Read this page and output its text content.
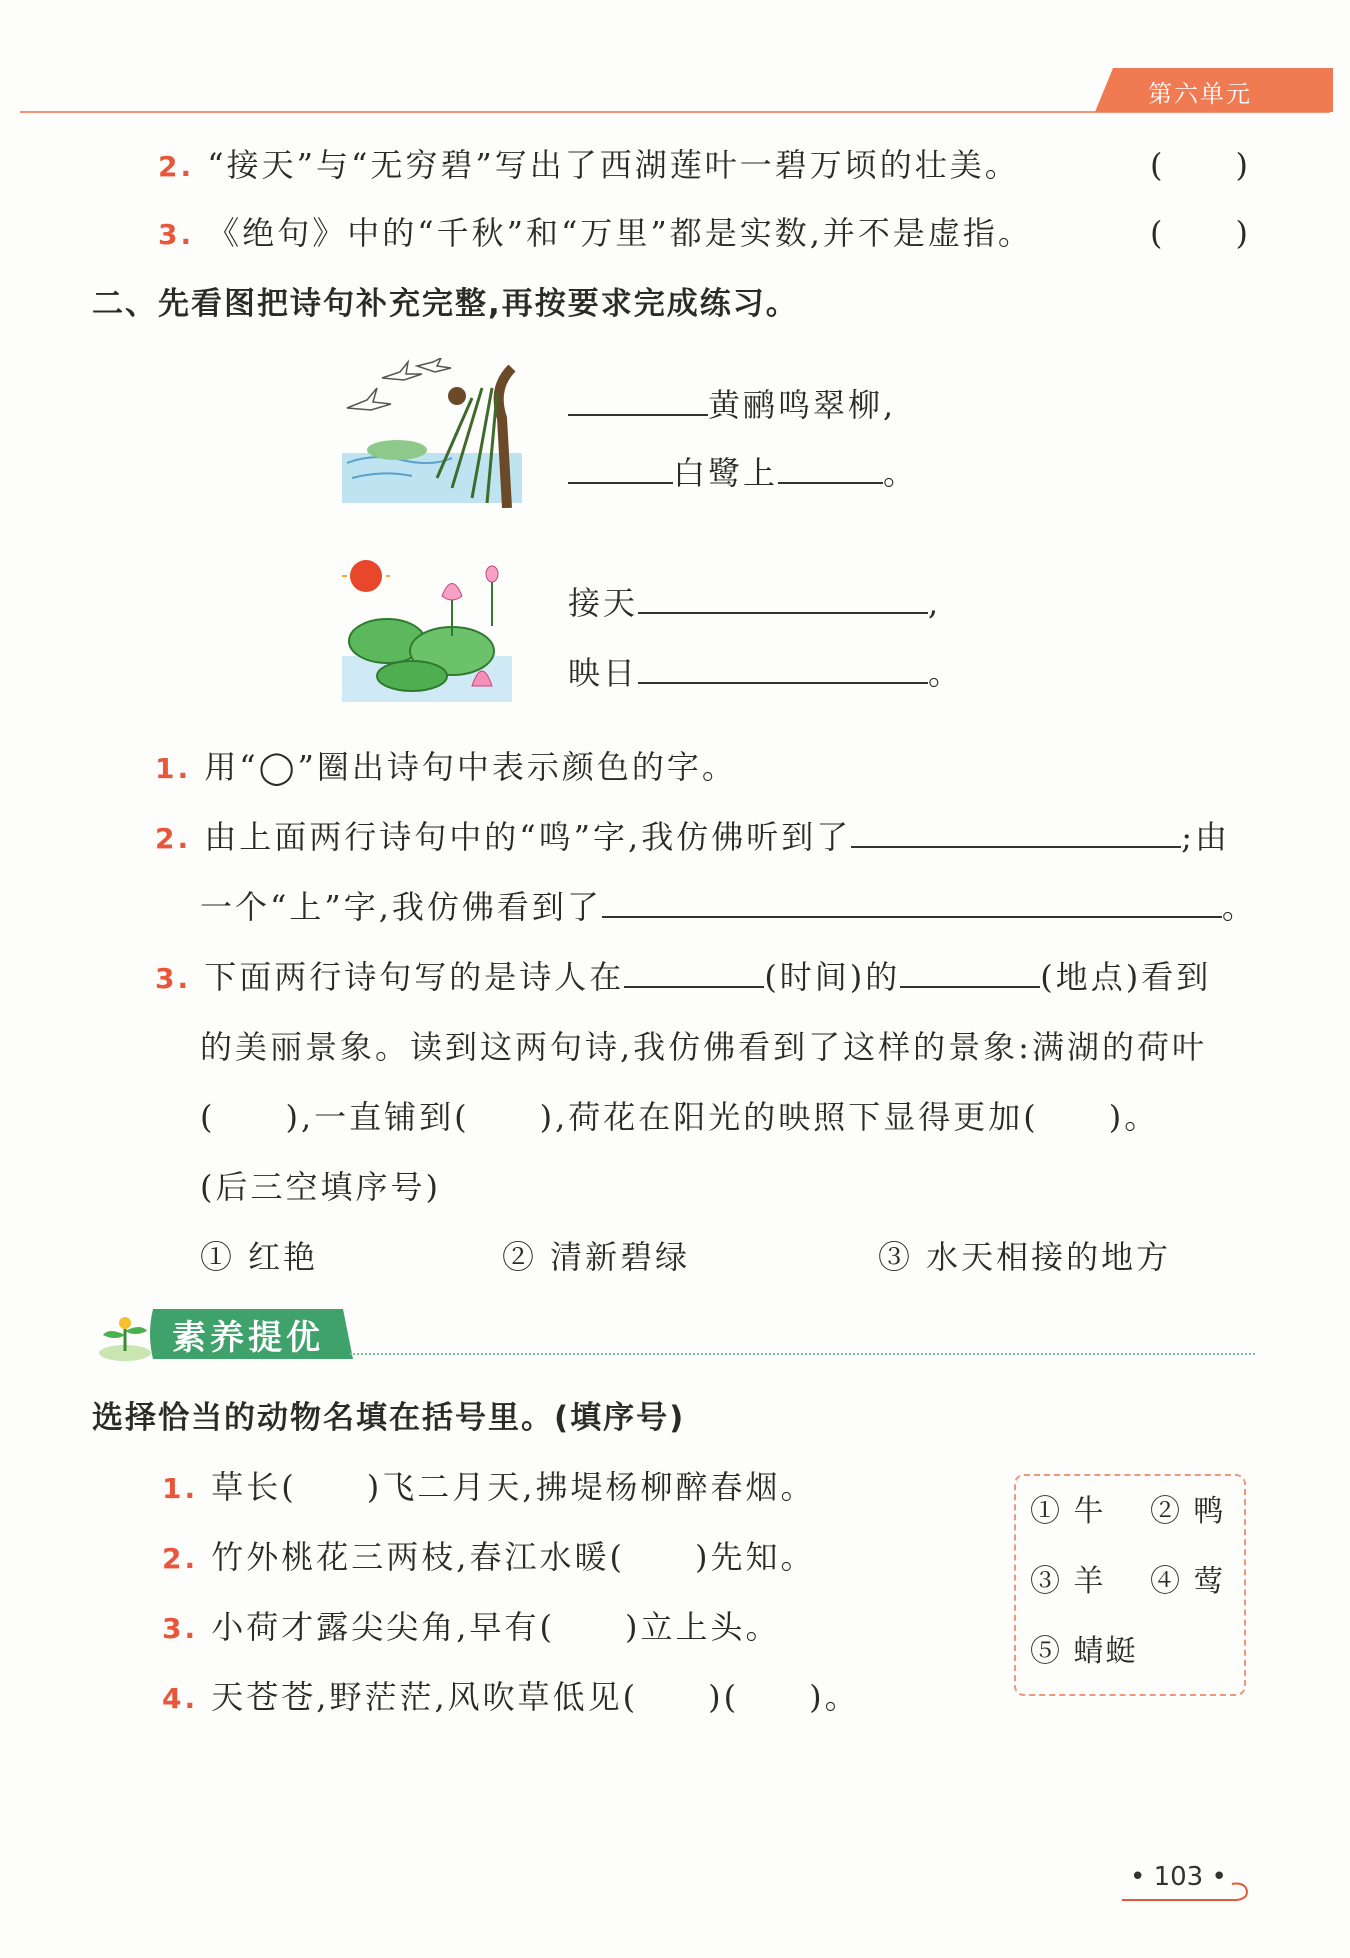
第六单元
2. “接天”与“无穷碧”写出了西湖莲叶一碧万顷的壮美。	(　　)
3. 《绝句》中的“千秋”和“万里”都是实数,并不是虚指。	(　　)
二、先看图把诗句补充完整,再按要求完成练习。
黄鹂鸣翠柳,
白鹭上	。
接天	,
映日	。
1. 用“◯”圈出诗句中表示颜色的字。
2. 由上面两行诗句中的“鸣”字,我仿佛听到了	;由
一个“上”字,我仿佛看到了	。
3. 下面两行诗句写的是诗人在	(时间)的	(地点)看到
的美丽景象。读到这两句诗,我仿佛看到了这样的景象:满湖的荷叶
(　　),一直铺到(　　),荷花在阳光的映照下显得更加(　　)。
(后三空填序号)
① 红艳	② 清新碧绿	③ 水天相接的地方
素养提优
选择恰当的动物名填在括号里。(填序号)
1. 草长(　　)飞二月天,拂堤杨柳醉春烟。
2. 竹外桃花三两枝,春江水暖(　　)先知。
3. 小荷才露尖尖角,早有(　　)立上头。
4. 天苍苍,野茫茫,风吹草低见(　　)(　　)。
① 牛 ② 鸭
③ 羊 ④ 莺
⑤ 蜻蜓
• 103 •
